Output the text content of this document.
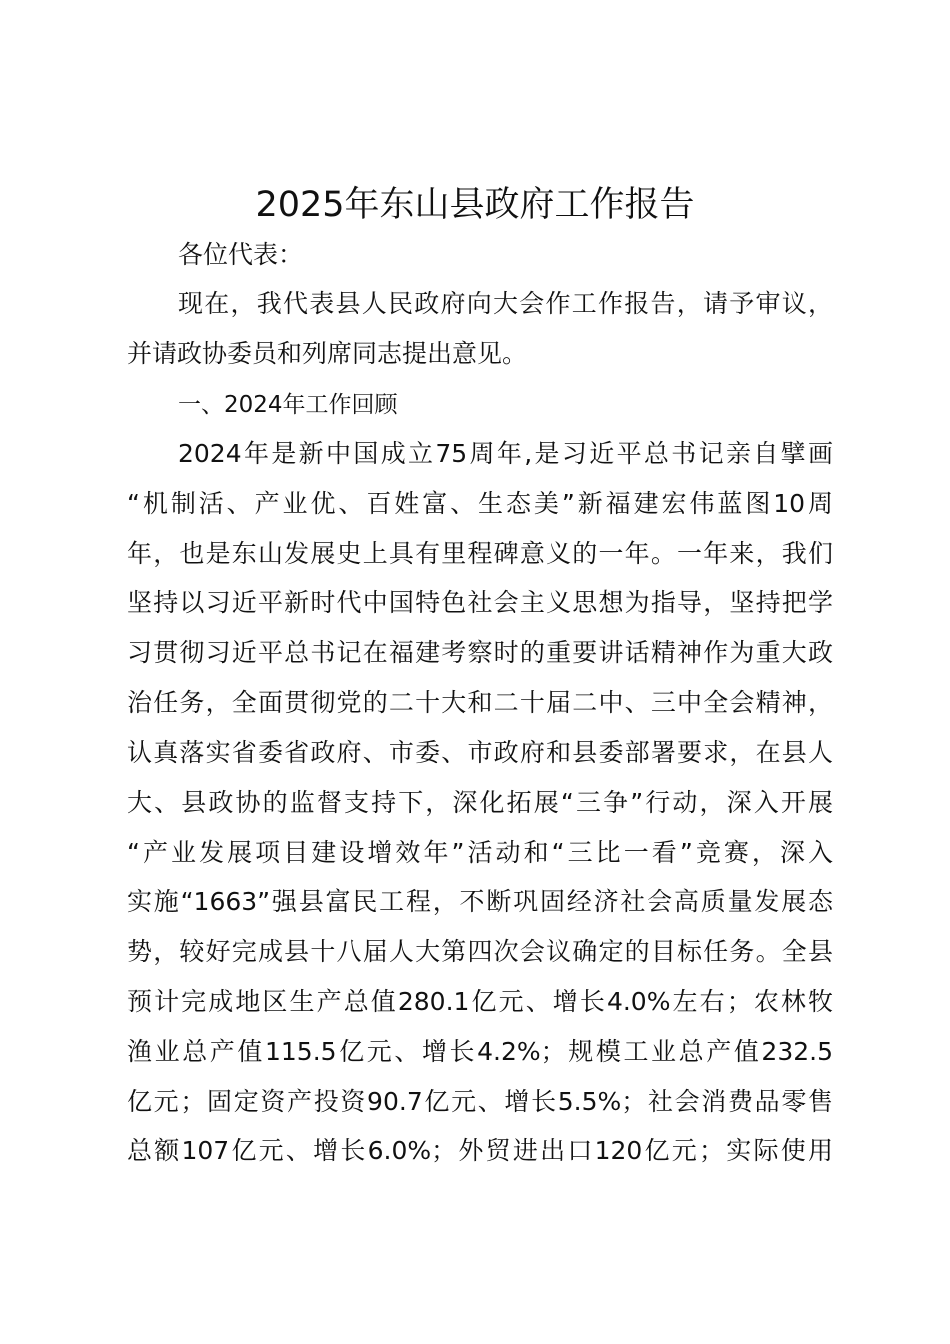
2025年东山县政府工作报告
各位代表：
现在，我代表县人民政府向大会作工作报告，请予审议，
并请政协委员和列席同志提出意见。
一、2024年工作回顾
2024年是新中国成立75周年,是习近平总书记亲自擘画
“机制活、产业优、百姓富、生态美”新福建宏伟蓝图10周
年，也是东山发展史上具有里程碑意义的一年。一年来，我们
坚持以习近平新时代中国特色社会主义思想为指导，坚持把学
习贯彻习近平总书记在福建考察时的重要讲话精神作为重大政
治任务，全面贯彻党的二十大和二十届二中、三中全会精神，
认真落实省委省政府、市委、市政府和县委部署要求，在县人
大、县政协的监督支持下，深化拓展“三争”行动，深入开展
“产业发展项目建设增效年”活动和“三比一看”竞赛，深入
实施“1663”强县富民工程，不断巩固经济社会高质量发展态
势，较好完成县十八届人大第四次会议确定的目标任务。全县
预计完成地区生产总值280.1亿元、增长4.0%左右；农林牧
渔业总产值115.5亿元、增长4.2%；规模工业总产值232.5
亿元；固定资产投资90.7亿元、增长5.5%；社会消费品零售
总额107亿元、增长6.0%；外贸进出口120亿元；实际使用
